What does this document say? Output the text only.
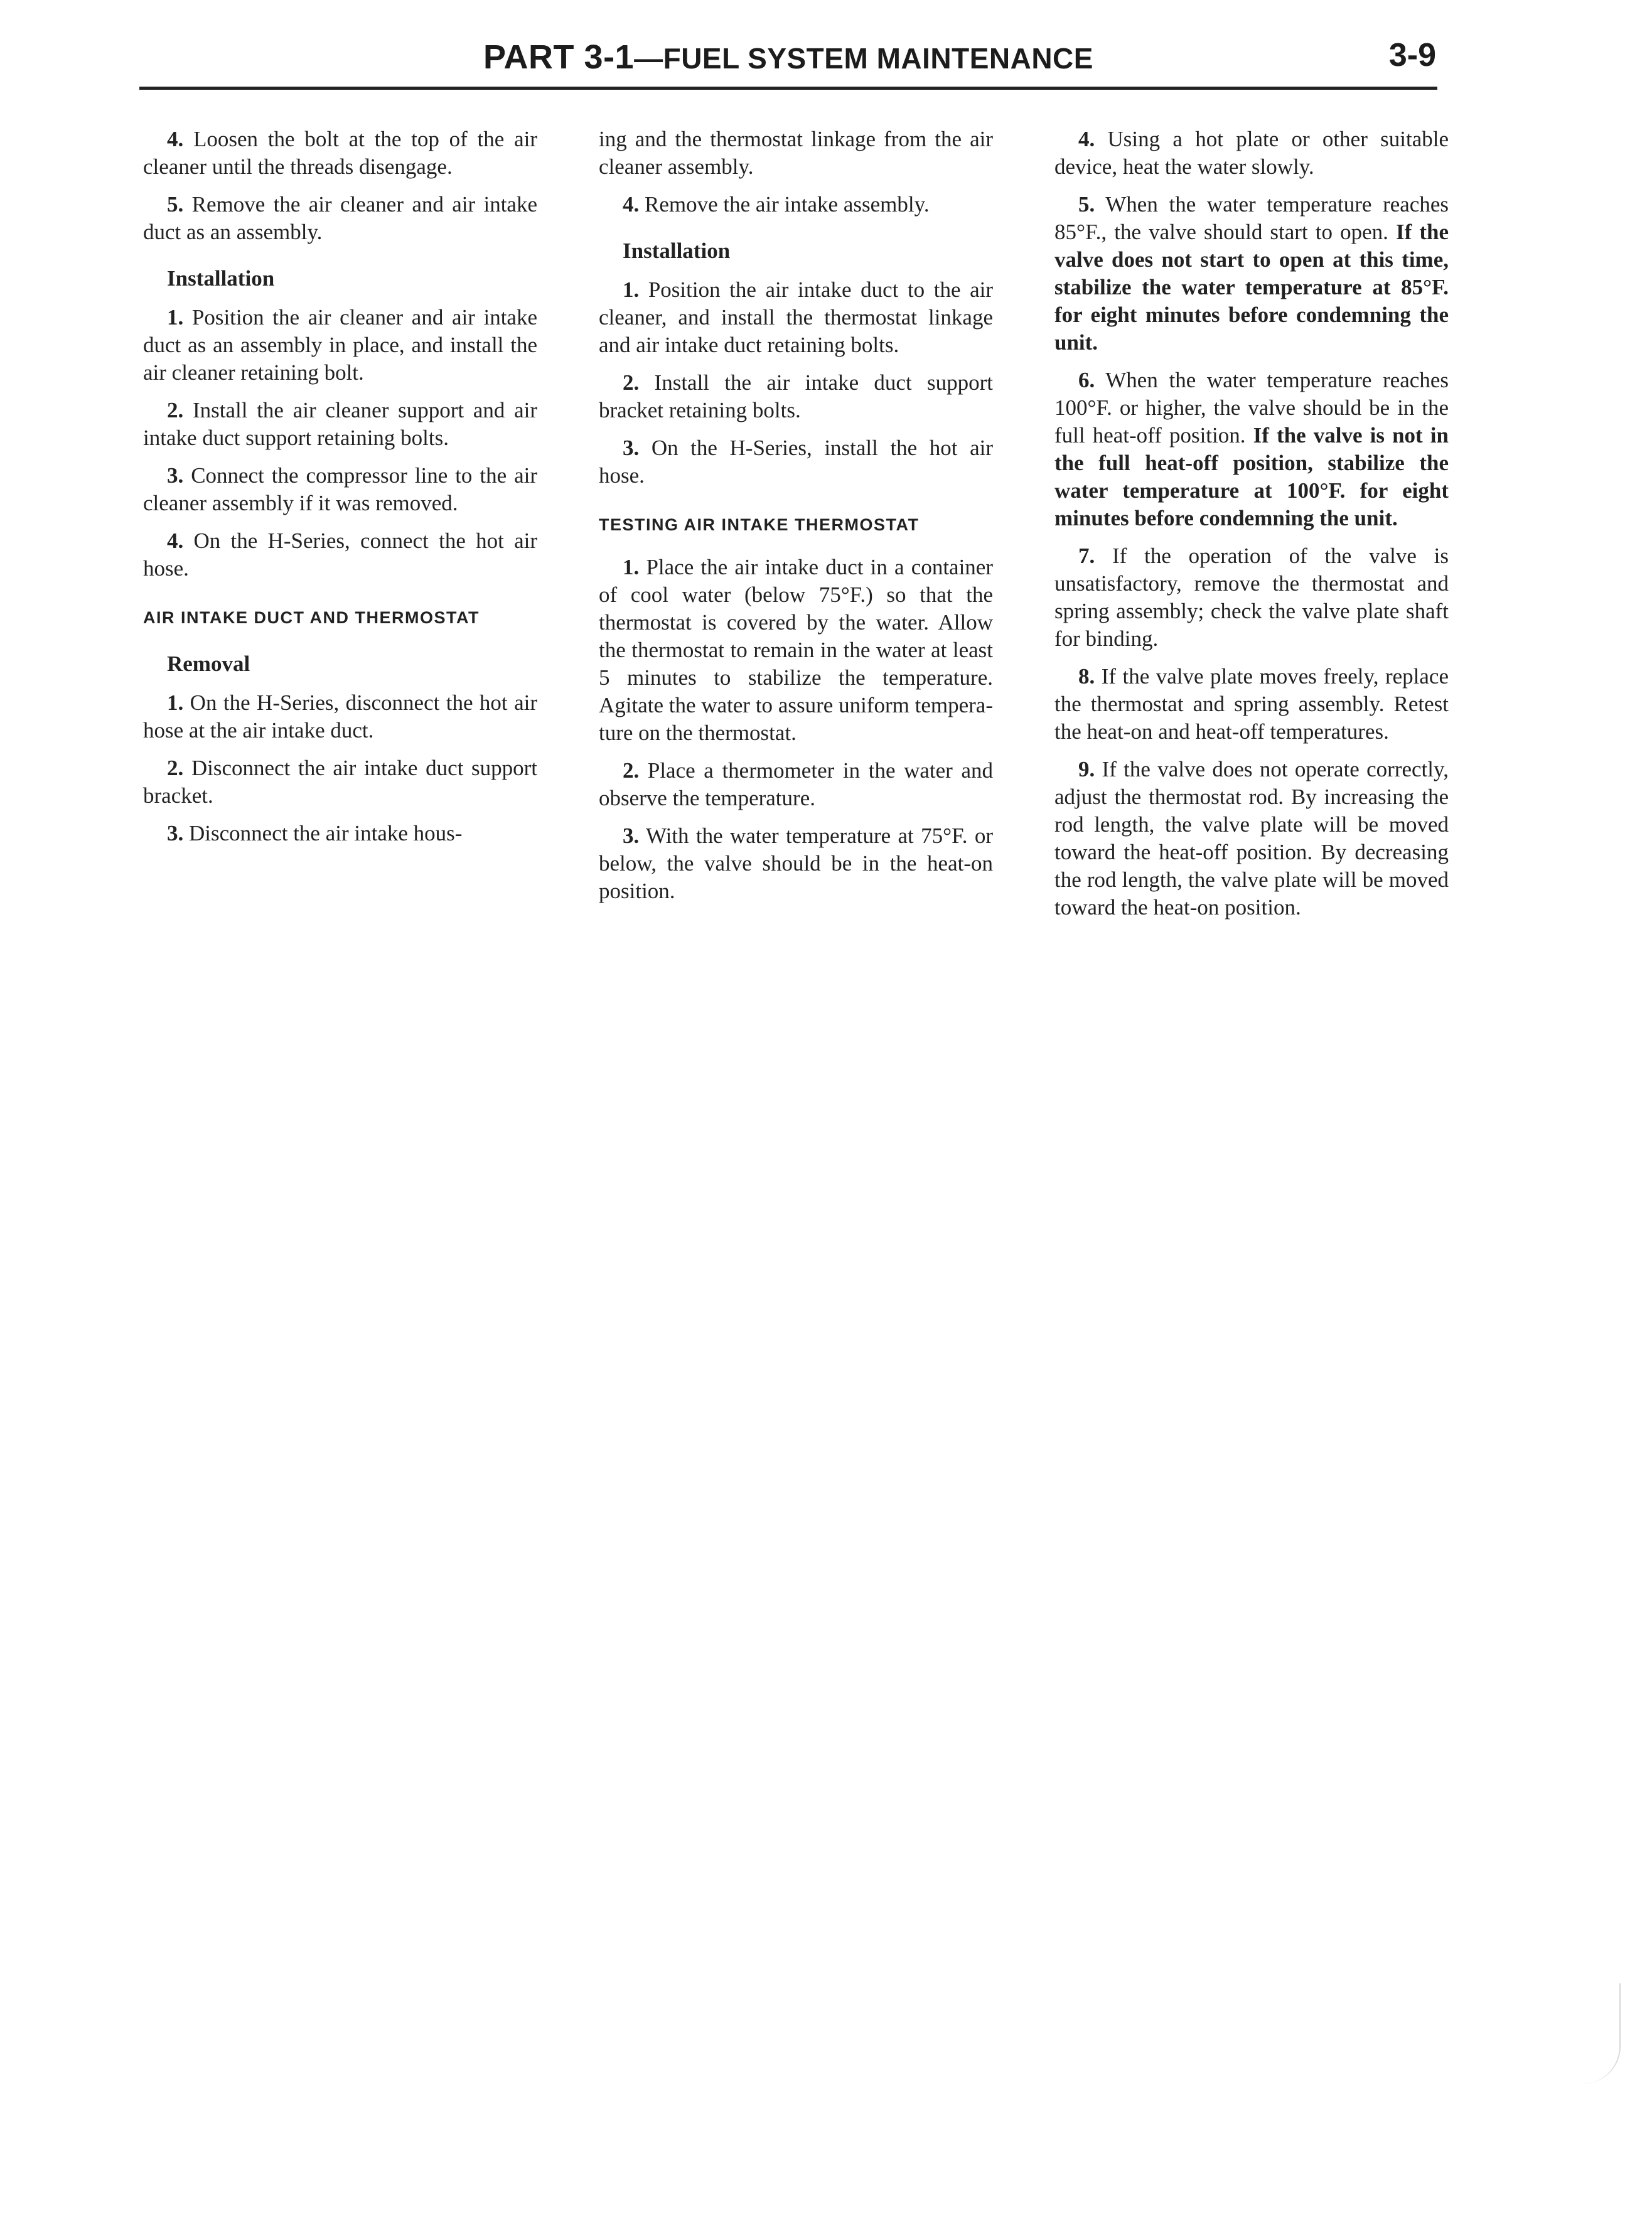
PART 3-1—FUEL SYSTEM MAINTENANCE	3-9

4. Loosen the bolt at the top of the air cleaner until the threads disengage.

5. Remove the air cleaner and air intake duct as an assembly.

Installation

1. Position the air cleaner and air intake duct as an assembly in place, and install the air cleaner retaining bolt.

2. Install the air cleaner support and air intake duct support retaining bolts.

3. Connect the compressor line to the air cleaner assembly if it was removed.

4. On the H-Series, connect the hot air hose.

AIR INTAKE DUCT AND THERMOSTAT
Removal

1. On the H-Series, disconnect the hot air hose at the air intake duct.

2. Disconnect the air intake duct support bracket.

3. Disconnect the air intake hous-

ing and the thermostat linkage from the air cleaner assembly.

4. Remove the air intake assembly.

Installation

1. Position the air intake duct to the air cleaner, and install the thermostat linkage and air intake duct retaining bolts.

2. Install the air intake duct support bracket retaining bolts.

3. On the H-Series, install the hot air hose.

TESTING AIR INTAKE THERMOSTAT

1. Place the air intake duct in a container of cool water (below 75°F.) so that the thermostat is covered by the water. Allow the thermostat to remain in the water at least 5 minutes to stabilize the temperature. Agitate the water to assure uniform temperature on the thermostat.

2. Place a thermometer in the water and observe the temperature.

3. With the water temperature at 75°F. or below, the valve should be in the heat-on position.

4. Using a hot plate or other suitable device, heat the water slowly.

5. When the water temperature reaches 85°F., the valve should start to open. If the valve does not start to open at this time, stabilize the water temperature at 85°F. for eight minutes before condemning the unit.

6. When the water temperature reaches 100°F. or higher, the valve should be in the full heat-off position. If the valve is not in the full heat-off position, stabilize the water temperature at 100°F. for eight minutes before condemning the unit.

7. If the operation of the valve is unsatisfactory, remove the thermostat and spring assembly; check the valve plate shaft for binding.

8. If the valve plate moves freely, replace the thermostat and spring assembly. Retest the heat-on and heat-off temperatures.

9. If the valve does not operate correctly, adjust the thermostat rod. By increasing the rod length, the valve plate will be moved toward the heat-off position. By decreasing the rod length, the valve plate will be moved toward the heat-on position.
